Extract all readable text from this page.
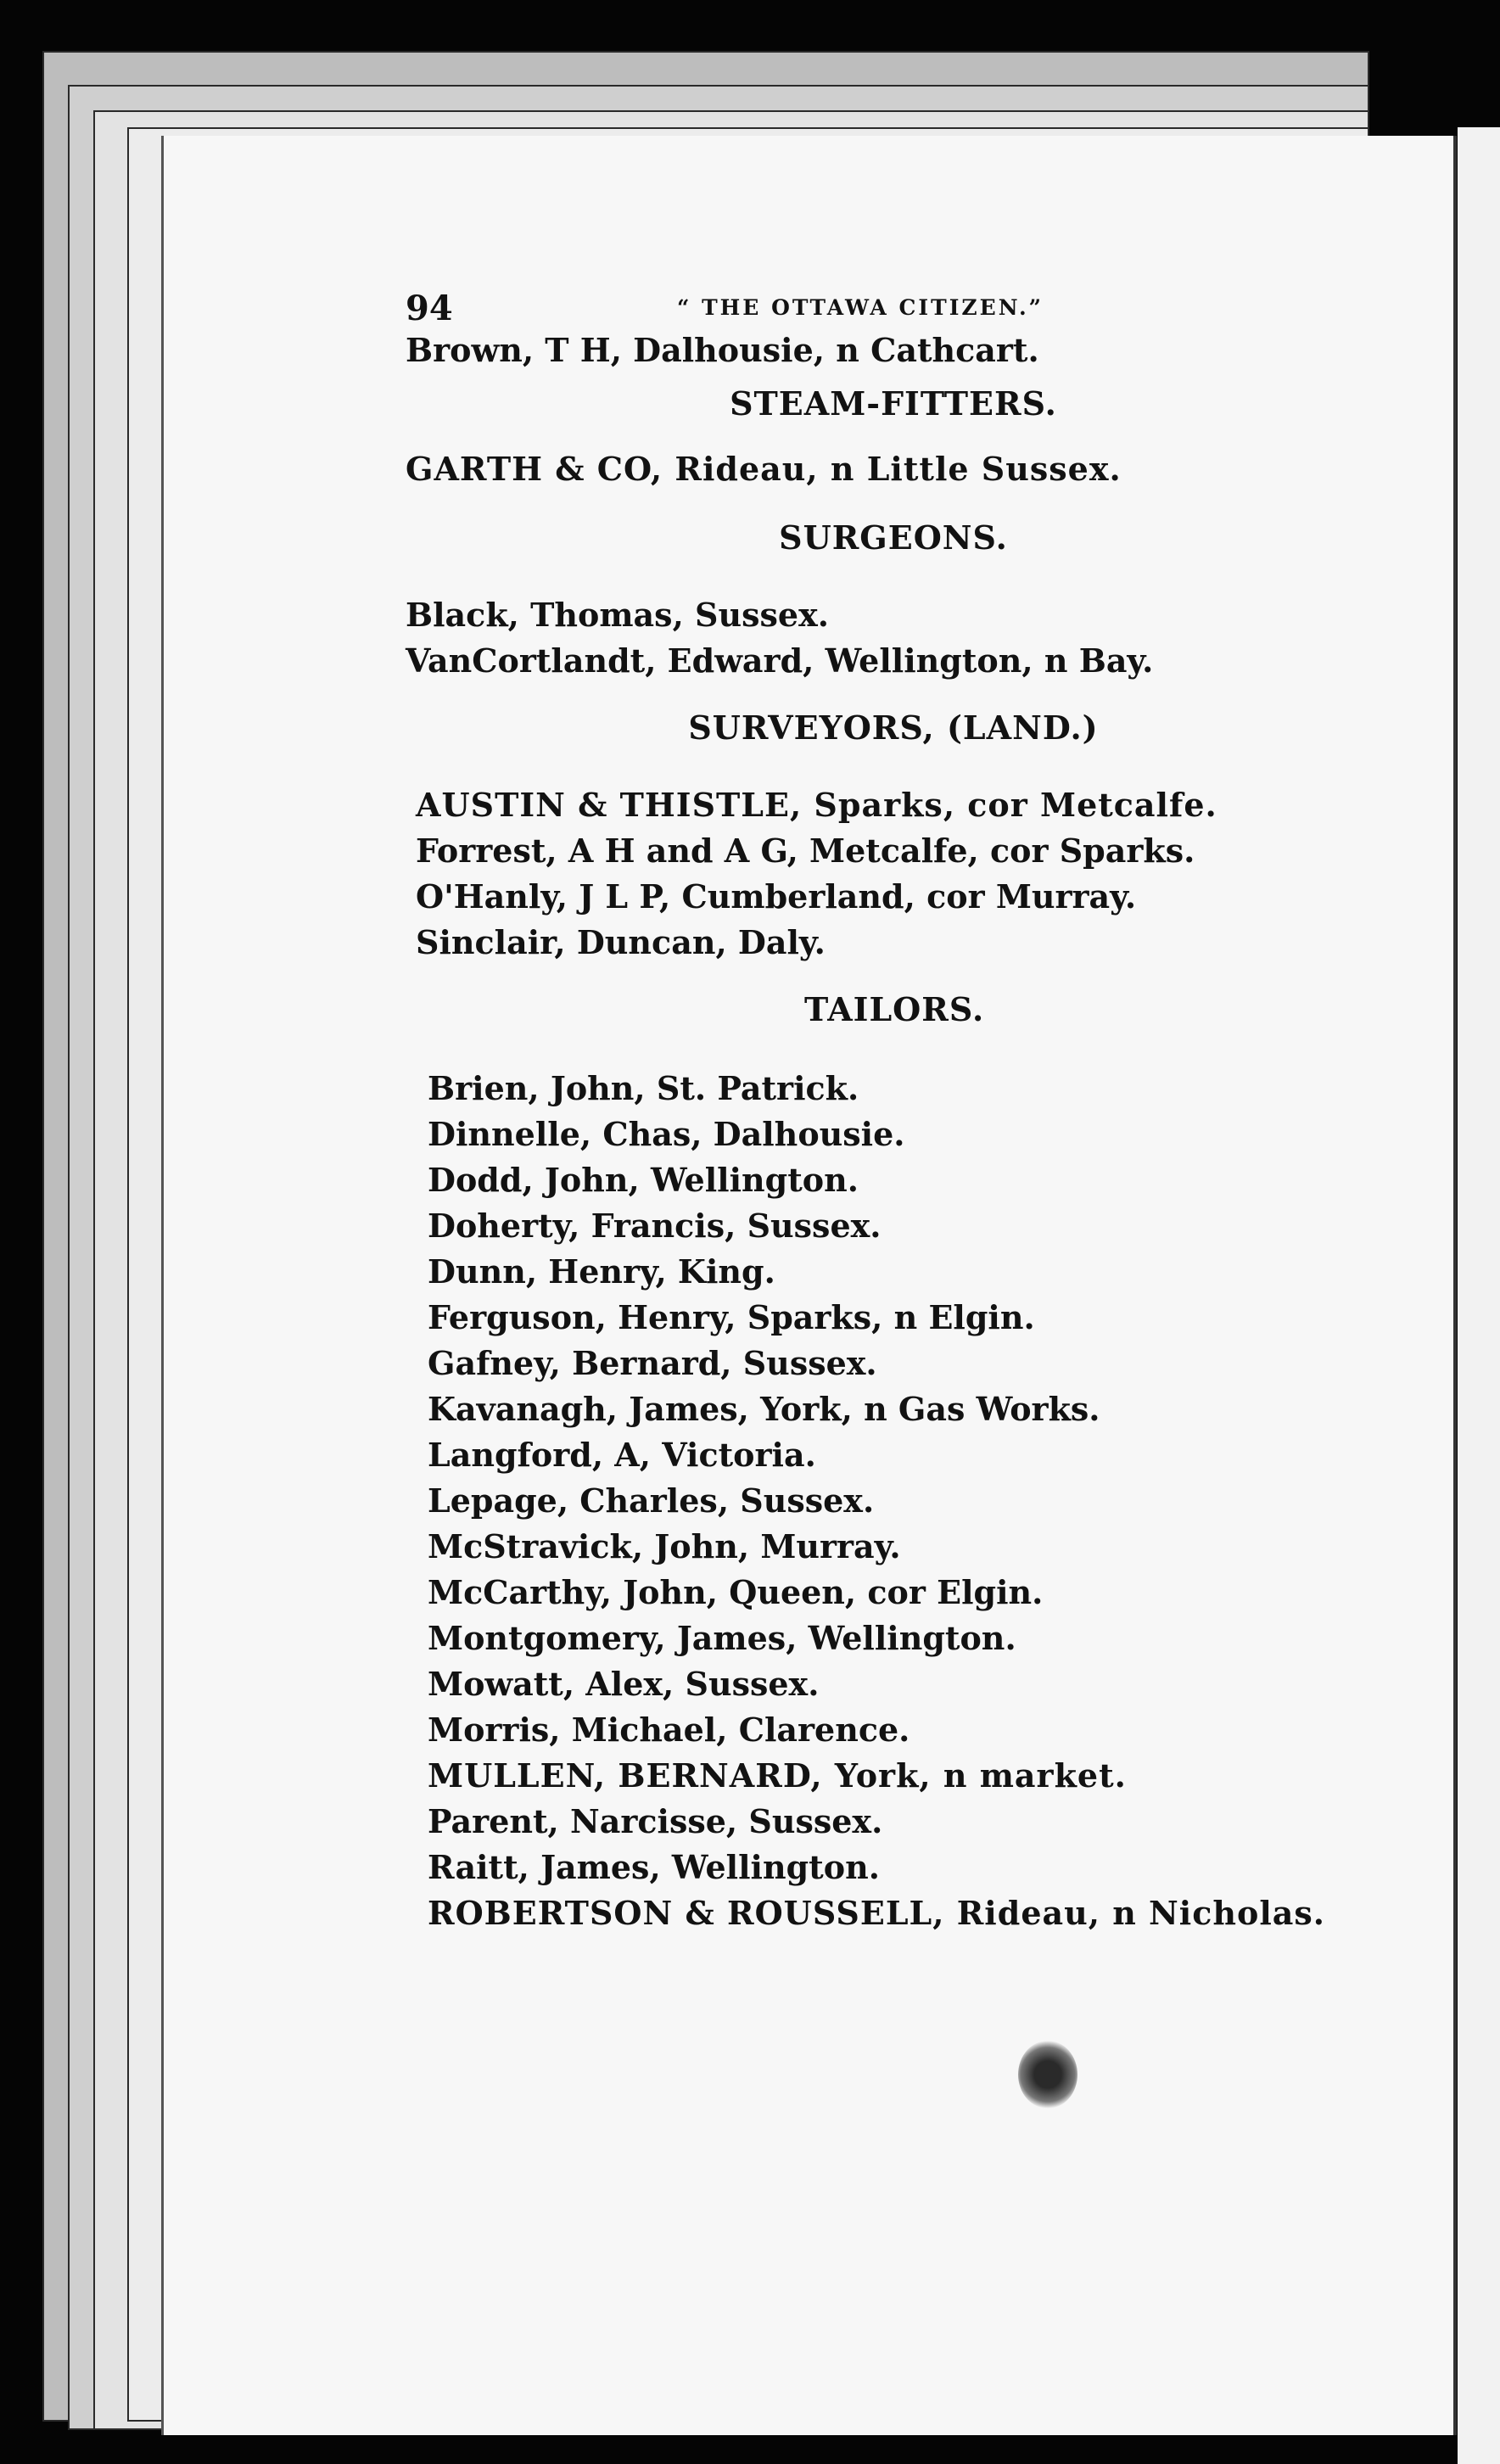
94	“ THE OTTAWA CITIZEN.”
Brown, T H, Dalhousie, n Cathcart.
STEAM-FITTERS.
GARTH & CO, Rideau, n Little Sussex.
SURGEONS.
Black, Thomas, Sussex.
VanCortlandt, Edward, Wellington, n Bay.
SURVEYORS, (LAND.)
AUSTIN & THISTLE, Sparks, cor Metcalfe.
Forrest, A H and A G, Metcalfe, cor Sparks.
O'Hanly, J L P, Cumberland, cor Murray.
Sinclair, Duncan, Daly.
TAILORS.
Brien, John, St. Patrick.
Dinnelle, Chas, Dalhousie.
Dodd, John, Wellington.
Doherty, Francis, Sussex.
Dunn, Henry, King.
Ferguson, Henry, Sparks, n Elgin.
Gafney, Bernard, Sussex.
Kavanagh, James, York, n Gas Works.
Langford, A, Victoria.
Lepage, Charles, Sussex.
McStravick, John, Murray.
McCarthy, John, Queen, cor Elgin.
Montgomery, James, Wellington.
Mowatt, Alex, Sussex.
Morris, Michael, Clarence.
MULLEN, BERNARD, York, n market.
Parent, Narcisse, Sussex.
Raitt, James, Wellington.
ROBERTSON & ROUSSELL, Rideau, n Nicholas.
